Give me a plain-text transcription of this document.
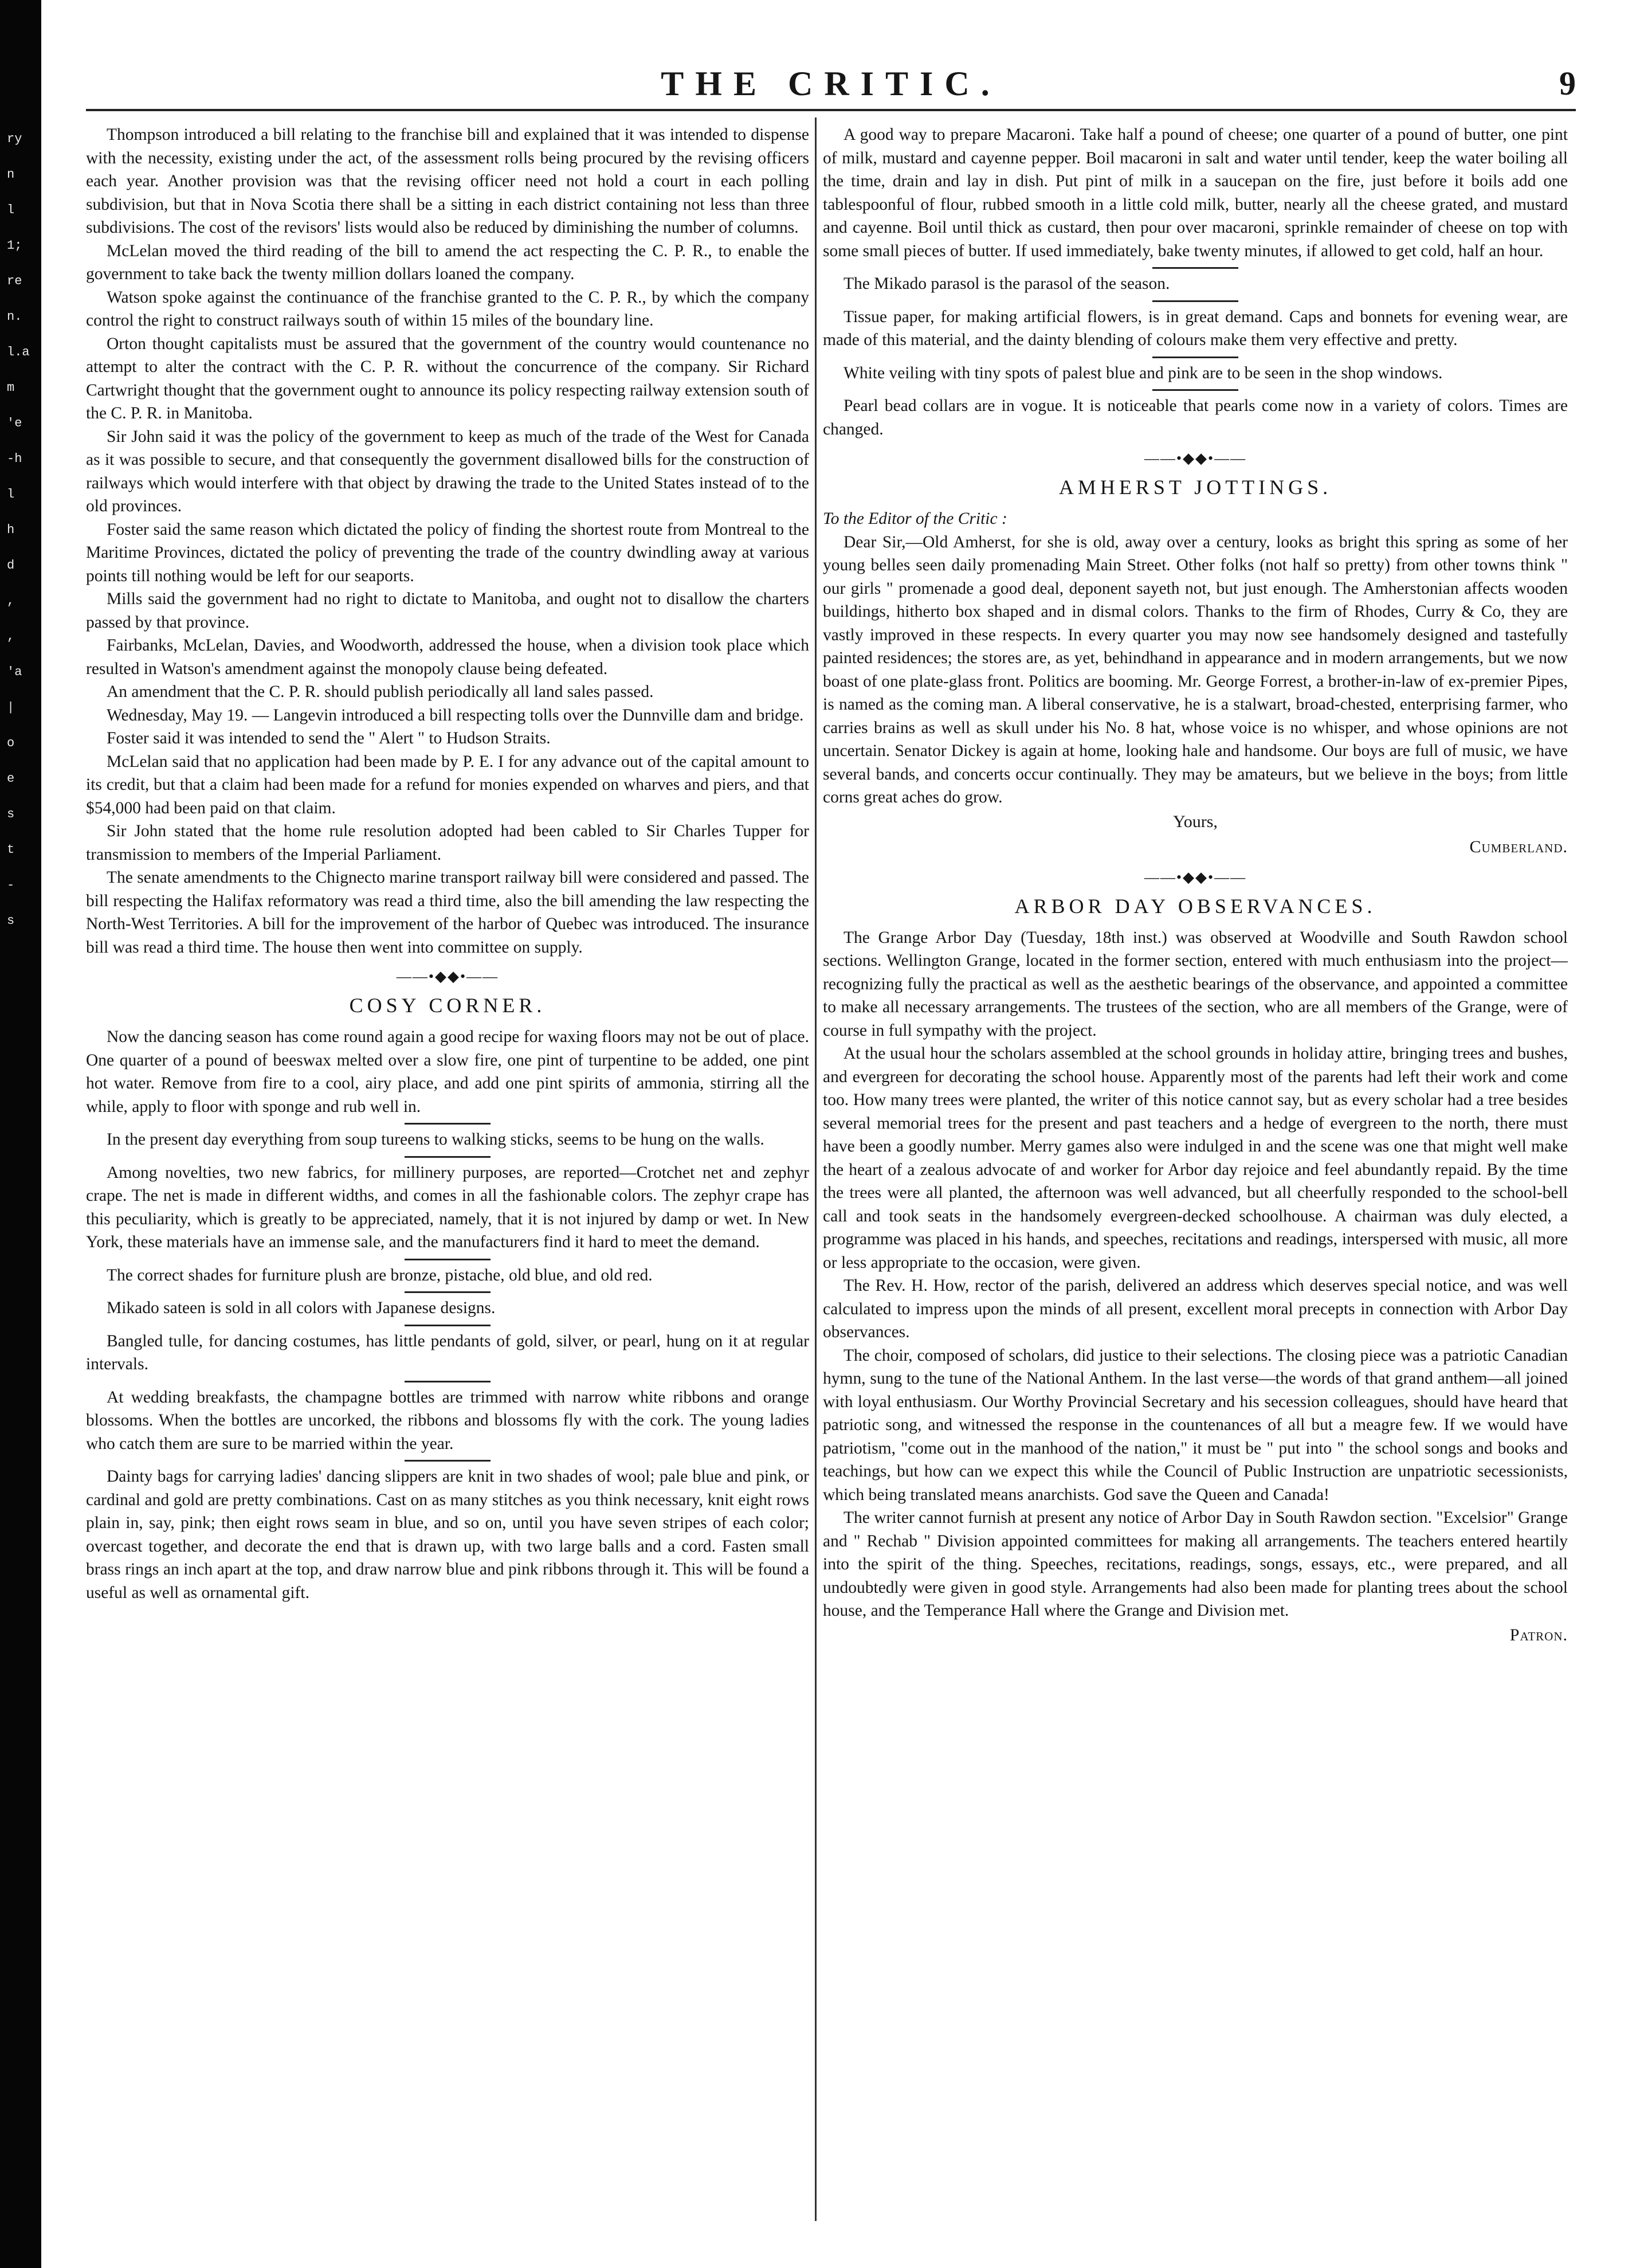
ry
n
l
1;
re
n.
l.a
m
'e
-h
l
h
d
,
,
'a
|
o
e
s
t
-
s
THE CRITIC.	9

Thompson introduced a bill relating to the franchise bill and explained that it was intended to dispense with the necessity, existing under the act, of the assessment rolls being procured by the revising officers each year. Another provision was that the revising officer need not hold a court in each polling subdivision, but that in Nova Scotia there shall be a sitting in each district containing not less than three subdivisions. The cost of the revisors' lists would also be reduced by diminishing the number of columns.

McLelan moved the third reading of the bill to amend the act respecting the C. P. R., to enable the government to take back the twenty million dollars loaned the company.

Watson spoke against the continuance of the franchise granted to the C. P. R., by which the company control the right to construct railways south of within 15 miles of the boundary line.

Orton thought capitalists must be assured that the government of the country would countenance no attempt to alter the contract with the C. P. R. without the concurrence of the company. Sir Richard Cartwright thought that the government ought to announce its policy respecting railway extension south of the C. P. R. in Manitoba.

Sir John said it was the policy of the government to keep as much of the trade of the West for Canada as it was possible to secure, and that consequently the government disallowed bills for the construction of railways which would interfere with that object by drawing the trade to the United States instead of to the old provinces.

Foster said the same reason which dictated the policy of finding the shortest route from Montreal to the Maritime Provinces, dictated the policy of preventing the trade of the country dwindling away at various points till nothing would be left for our seaports.

Mills said the government had no right to dictate to Manitoba, and ought not to disallow the charters passed by that province.

Fairbanks, McLelan, Davies, and Woodworth, addressed the house, when a division took place which resulted in Watson's amendment against the monopoly clause being defeated.

An amendment that the C. P. R. should publish periodically all land sales passed.

Wednesday, May 19. — Langevin introduced a bill respecting tolls over the Dunnville dam and bridge.

Foster said it was intended to send the " Alert " to Hudson Straits.

McLelan said that no application had been made by P. E. I for any advance out of the capital amount to its credit, but that a claim had been made for a refund for monies expended on wharves and piers, and that $54,000 had been paid on that claim.

Sir John stated that the home rule resolution adopted had been cabled to Sir Charles Tupper for transmission to members of the Imperial Parliament.

The senate amendments to the Chignecto marine transport railway bill were considered and passed. The bill respecting the Halifax reformatory was read a third time, also the bill amending the law respecting the North-West Territories. A bill for the improvement of the harbor of Quebec was introduced. The insurance bill was read a third time. The house then went into committee on supply.

——•◆◆•——
COSY CORNER.

Now the dancing season has come round again a good recipe for waxing floors may not be out of place. One quarter of a pound of beeswax melted over a slow fire, one pint of turpentine to be added, one pint hot water. Remove from fire to a cool, airy place, and add one pint spirits of ammonia, stirring all the while, apply to floor with sponge and rub well in.

In the present day everything from soup tureens to walking sticks, seems to be hung on the walls.

Among novelties, two new fabrics, for millinery purposes, are reported—Crotchet net and zephyr crape. The net is made in different widths, and comes in all the fashionable colors. The zephyr crape has this peculiarity, which is greatly to be appreciated, namely, that it is not injured by damp or wet. In New York, these materials have an immense sale, and the manufacturers find it hard to meet the demand.

The correct shades for furniture plush are bronze, pistache, old blue, and old red.

Mikado sateen is sold in all colors with Japanese designs.

Bangled tulle, for dancing costumes, has little pendants of gold, silver, or pearl, hung on it at regular intervals.

At wedding breakfasts, the champagne bottles are trimmed with narrow white ribbons and orange blossoms. When the bottles are uncorked, the ribbons and blossoms fly with the cork. The young ladies who catch them are sure to be married within the year.

Dainty bags for carrying ladies' dancing slippers are knit in two shades of wool; pale blue and pink, or cardinal and gold are pretty combinations. Cast on as many stitches as you think necessary, knit eight rows plain in, say, pink; then eight rows seam in blue, and so on, until you have seven stripes of each color; overcast together, and decorate the end that is drawn up, with two large balls and a cord. Fasten small brass rings an inch apart at the top, and draw narrow blue and pink ribbons through it. This will be found a useful as well as ornamental gift.

A good way to prepare Macaroni. Take half a pound of cheese; one quarter of a pound of butter, one pint of milk, mustard and cayenne pepper. Boil macaroni in salt and water until tender, keep the water boiling all the time, drain and lay in dish. Put pint of milk in a saucepan on the fire, just before it boils add one tablespoonful of flour, rubbed smooth in a little cold milk, butter, nearly all the cheese grated, and mustard and cayenne. Boil until thick as custard, then pour over macaroni, sprinkle remainder of cheese on top with some small pieces of butter. If used immediately, bake twenty minutes, if allowed to get cold, half an hour.

The Mikado parasol is the parasol of the season.

Tissue paper, for making artificial flowers, is in great demand. Caps and bonnets for evening wear, are made of this material, and the dainty blending of colours make them very effective and pretty.

White veiling with tiny spots of palest blue and pink are to be seen in the shop windows.

Pearl bead collars are in vogue. It is noticeable that pearls come now in a variety of colors. Times are changed.

——•◆◆•——
AMHERST JOTTINGS.

To the Editor of the Critic :

Dear Sir,—Old Amherst, for she is old, away over a century, looks as bright this spring as some of her young belles seen daily promenading Main Street. Other folks (not half so pretty) from other towns think " our girls " promenade a good deal, deponent sayeth not, but just enough. The Amherstonian affects wooden buildings, hitherto box shaped and in dismal colors. Thanks to the firm of Rhodes, Curry & Co, they are vastly improved in these respects. In every quarter you may now see handsomely designed and tastefully painted residences; the stores are, as yet, behindhand in appearance and in modern arrangements, but we now boast of one plate-glass front. Politics are booming. Mr. George Forrest, a brother-in-law of ex-premier Pipes, is named as the coming man. A liberal conservative, he is a stalwart, broad-chested, enterprising farmer, who carries brains as well as skull under his No. 8 hat, whose voice is no whisper, and whose opinions are not uncertain. Senator Dickey is again at home, looking hale and handsome. Our boys are full of music, we have several bands, and concerts occur continually. They may be amateurs, but we believe in the boys; from little corns great aches do grow.

Yours,

Cumberland.

——•◆◆•——
ARBOR DAY OBSERVANCES.

The Grange Arbor Day (Tuesday, 18th inst.) was observed at Woodville and South Rawdon school sections. Wellington Grange, located in the former section, entered with much enthusiasm into the project—recognizing fully the practical as well as the aesthetic bearings of the observance, and appointed a committee to make all necessary arrangements. The trustees of the section, who are all members of the Grange, were of course in full sympathy with the project.

At the usual hour the scholars assembled at the school grounds in holiday attire, bringing trees and bushes, and evergreen for decorating the school house. Apparently most of the parents had left their work and come too. How many trees were planted, the writer of this notice cannot say, but as every scholar had a tree besides several memorial trees for the present and past teachers and a hedge of evergreen to the north, there must have been a goodly number. Merry games also were indulged in and the scene was one that might well make the heart of a zealous advocate of and worker for Arbor day rejoice and feel abundantly repaid. By the time the trees were all planted, the afternoon was well advanced, but all cheerfully responded to the school-bell call and took seats in the handsomely evergreen-decked schoolhouse. A chairman was duly elected, a programme was placed in his hands, and speeches, recitations and readings, interspersed with music, all more or less appropriate to the occasion, were given.

The Rev. H. How, rector of the parish, delivered an address which deserves special notice, and was well calculated to impress upon the minds of all present, excellent moral precepts in connection with Arbor Day observances.

The choir, composed of scholars, did justice to their selections. The closing piece was a patriotic Canadian hymn, sung to the tune of the National Anthem. In the last verse—the words of that grand anthem—all joined with loyal enthusiasm. Our Worthy Provincial Secretary and his secession colleagues, should have heard that patriotic song, and witnessed the response in the countenances of all but a meagre few. If we would have patriotism, "come out in the manhood of the nation," it must be " put into " the school songs and books and teachings, but how can we expect this while the Council of Public Instruction are unpatriotic secessionists, which being translated means anarchists. God save the Queen and Canada!

The writer cannot furnish at present any notice of Arbor Day in South Rawdon section. "Excelsior" Grange and " Rechab " Division appointed committees for making all arrangements. The teachers entered heartily into the spirit of the thing. Speeches, recitations, readings, songs, essays, etc., were prepared, and all undoubtedly were given in good style. Arrangements had also been made for planting trees about the school house, and the Temperance Hall where the Grange and Division met.

Patron.
